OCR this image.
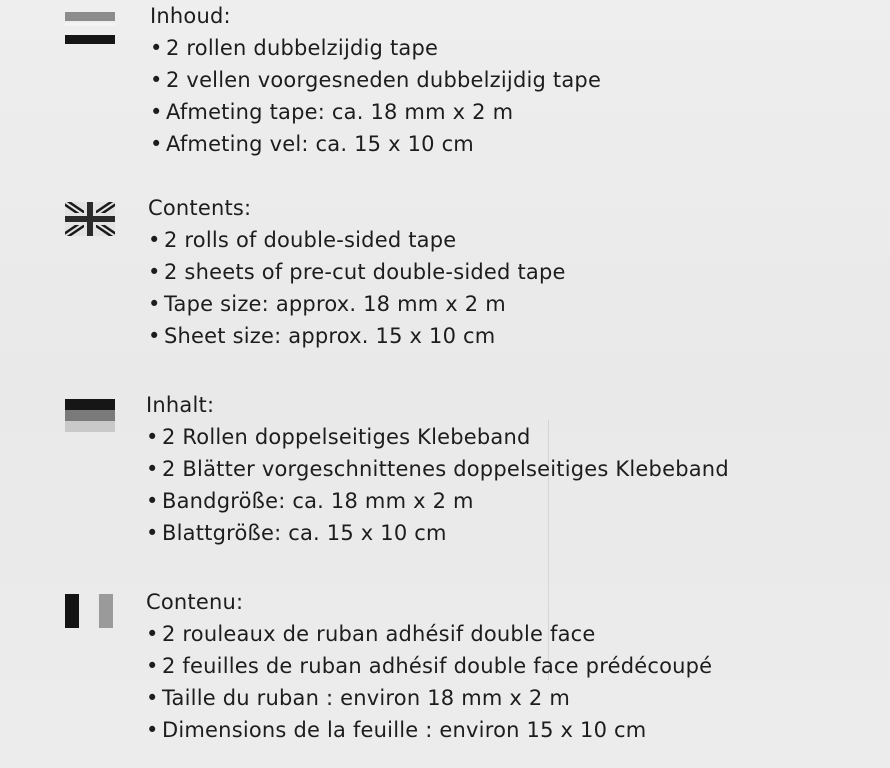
Inhoud:
• 2 rollen dubbelzijdig tape
• 2 vellen voorgesneden dubbelzijdig tape
• Afmeting tape: ca. 18 mm x 2 m
• Afmeting vel: ca. 15 x 10 cm
Contents:
• 2 rolls of double-sided tape
• 2 sheets of pre-cut double-sided tape
• Tape size: approx. 18 mm x 2 m
• Sheet size: approx. 15 x 10 cm
Inhalt:
• 2 Rollen doppelseitiges Klebeband
• 2 Blätter vorgeschnittenes doppelseitiges Klebeband
• Bandgröße: ca. 18 mm x 2 m
• Blattgröße: ca. 15 x 10 cm
Contenu:
• 2 rouleaux de ruban adhésif double face
• 2 feuilles de ruban adhésif double face prédécoupé
• Taille du ruban : environ 18 mm x 2 m
• Dimensions de la feuille : environ 15 x 10 cm
